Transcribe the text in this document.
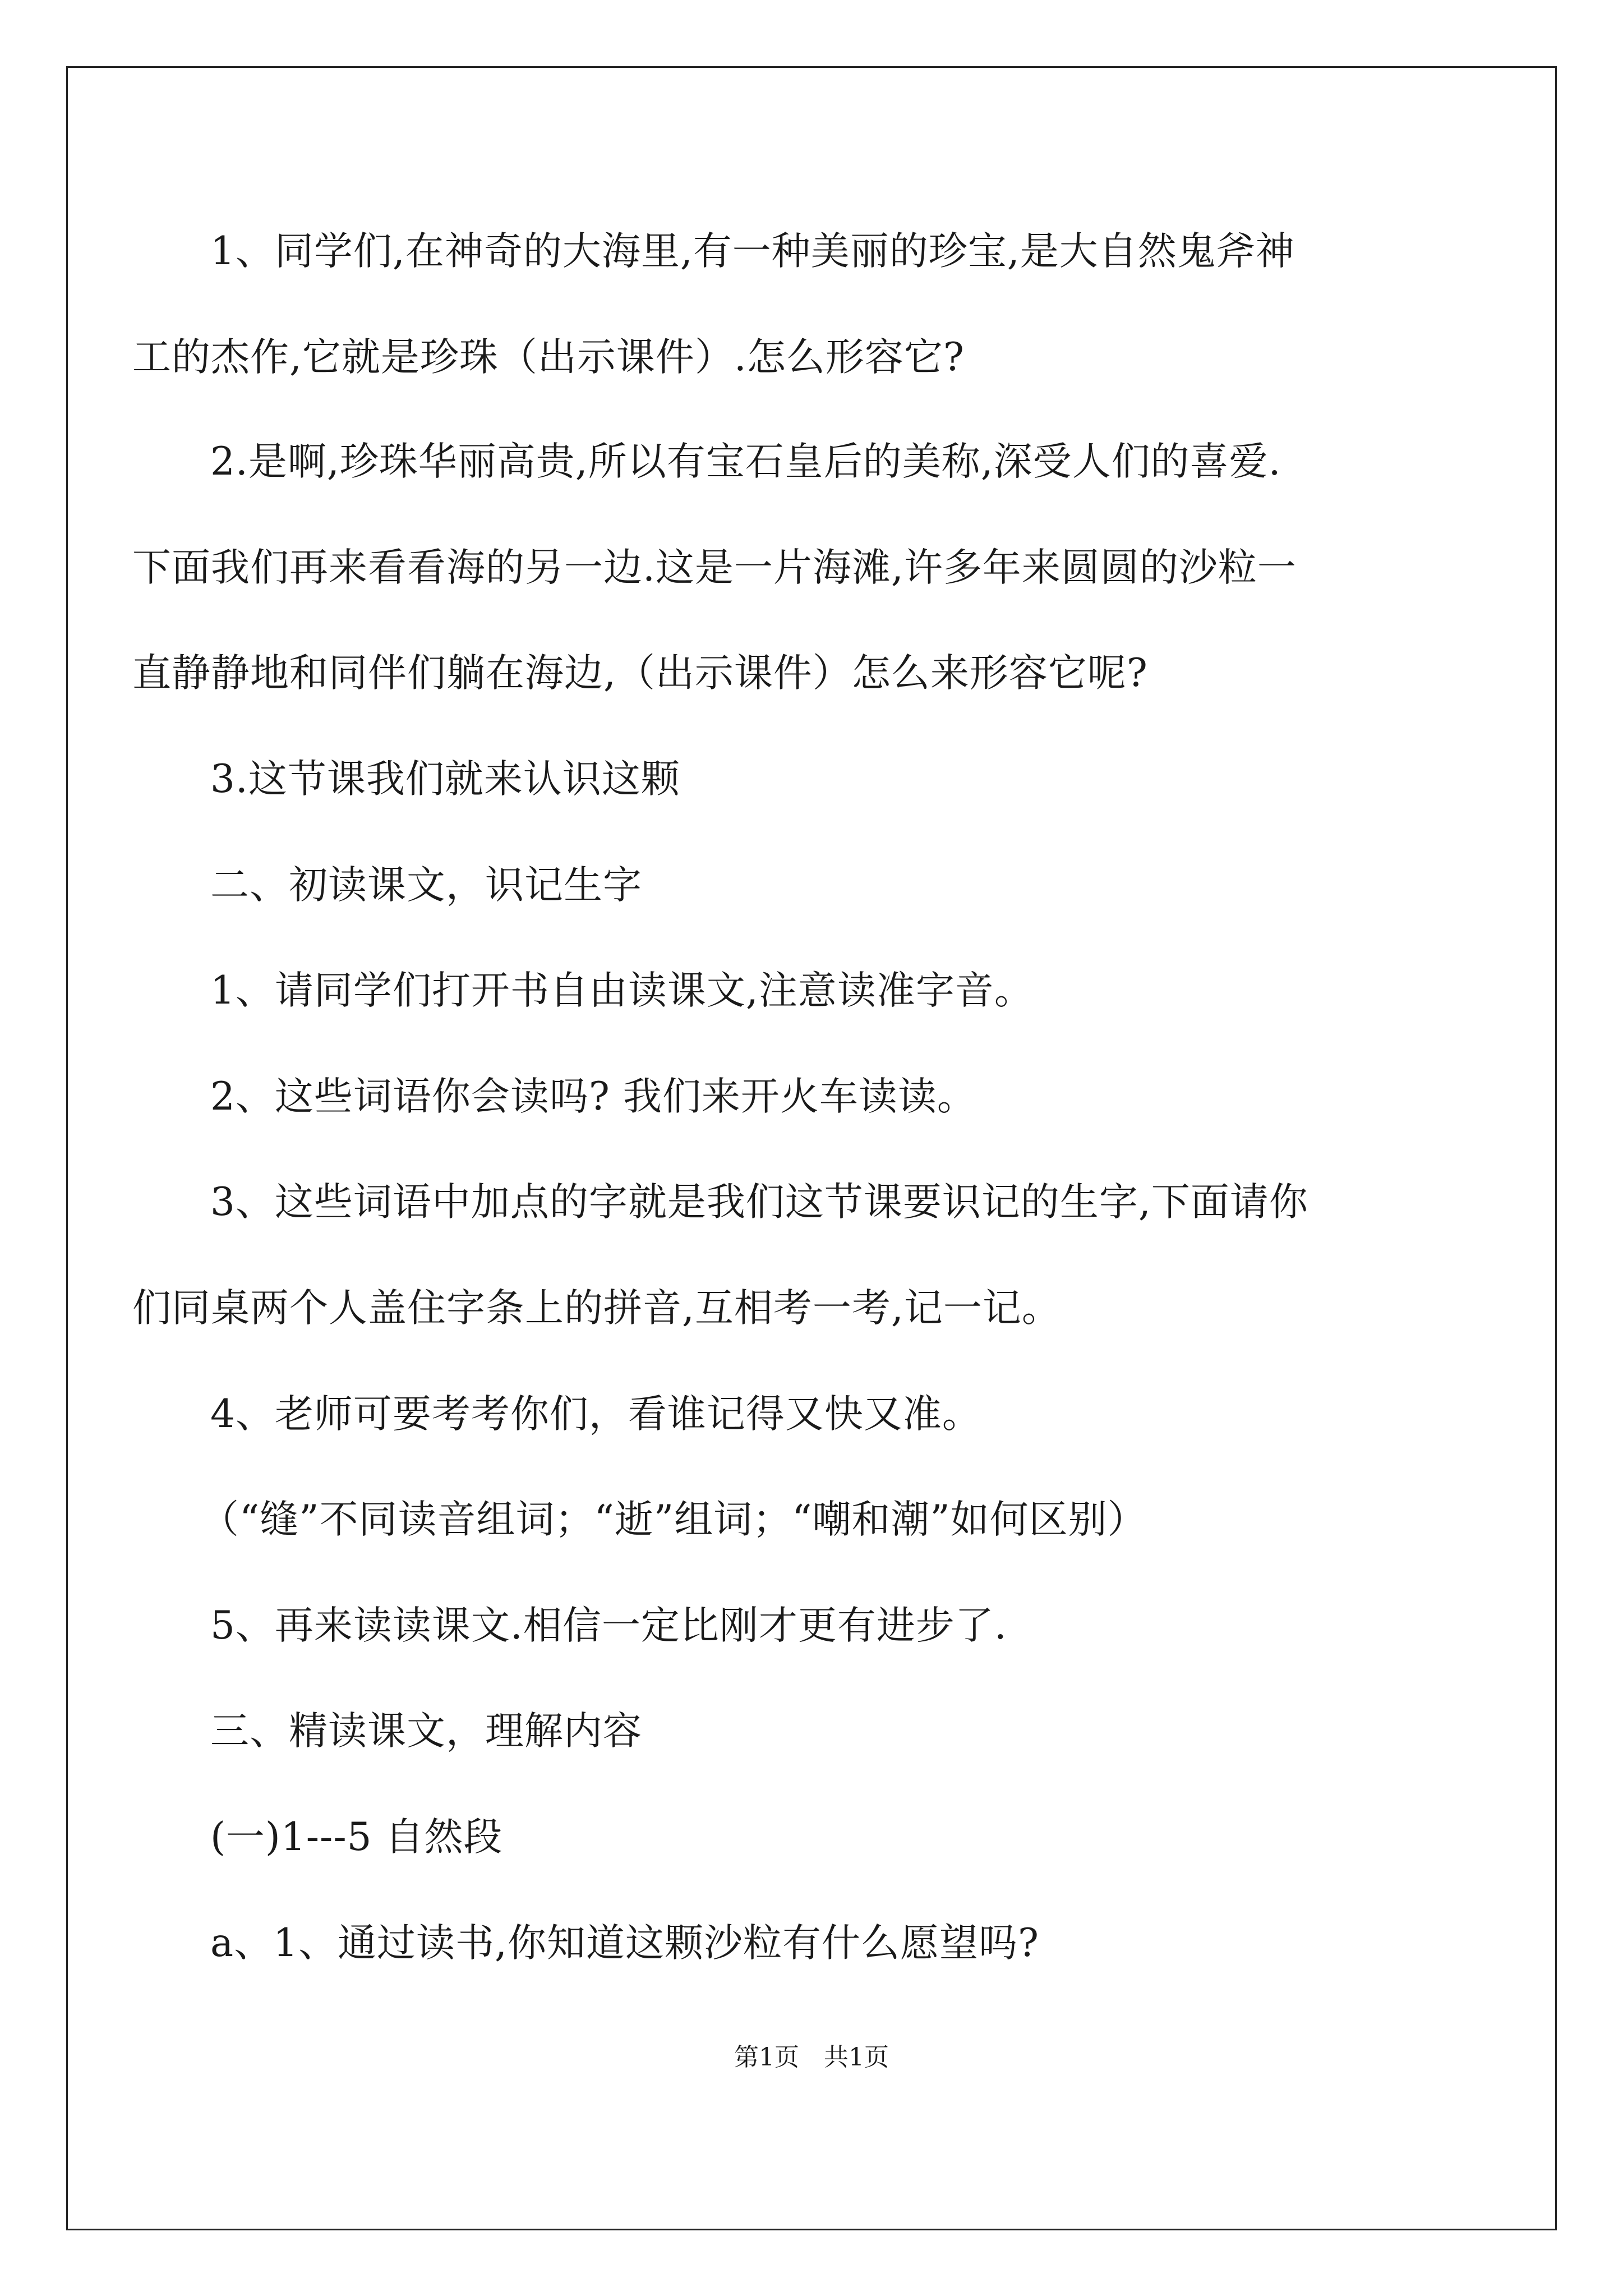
1、同学们,在神奇的大海里,有一种美丽的珍宝,是大自然鬼斧神
工的杰作,它就是珍珠（出示课件）.怎么形容它?
2.是啊,珍珠华丽高贵,所以有宝石皇后的美称,深受人们的喜爱.
下面我们再来看看海的另一边.这是一片海滩,许多年来圆圆的沙粒一
直静静地和同伴们躺在海边,（出示课件）怎么来形容它呢?
3.这节课我们就来认识这颗
二、初读课文，识记生字
1、请同学们打开书自由读课文,注意读准字音。
2、这些词语你会读吗? 我们来开火车读读。
3、这些词语中加点的字就是我们这节课要识记的生字,下面请你
们同桌两个人盖住字条上的拼音,互相考一考,记一记。
4、老师可要考考你们，看谁记得又快又准。
（“缝”不同读音组词；“逝”组词；“嘲和潮”如何区别）
5、再来读读课文.相信一定比刚才更有进步了.
三、精读课文，理解内容
(一)1---5 自然段
a、1、通过读书,你知道这颗沙粒有什么愿望吗?
第1页　共1页
